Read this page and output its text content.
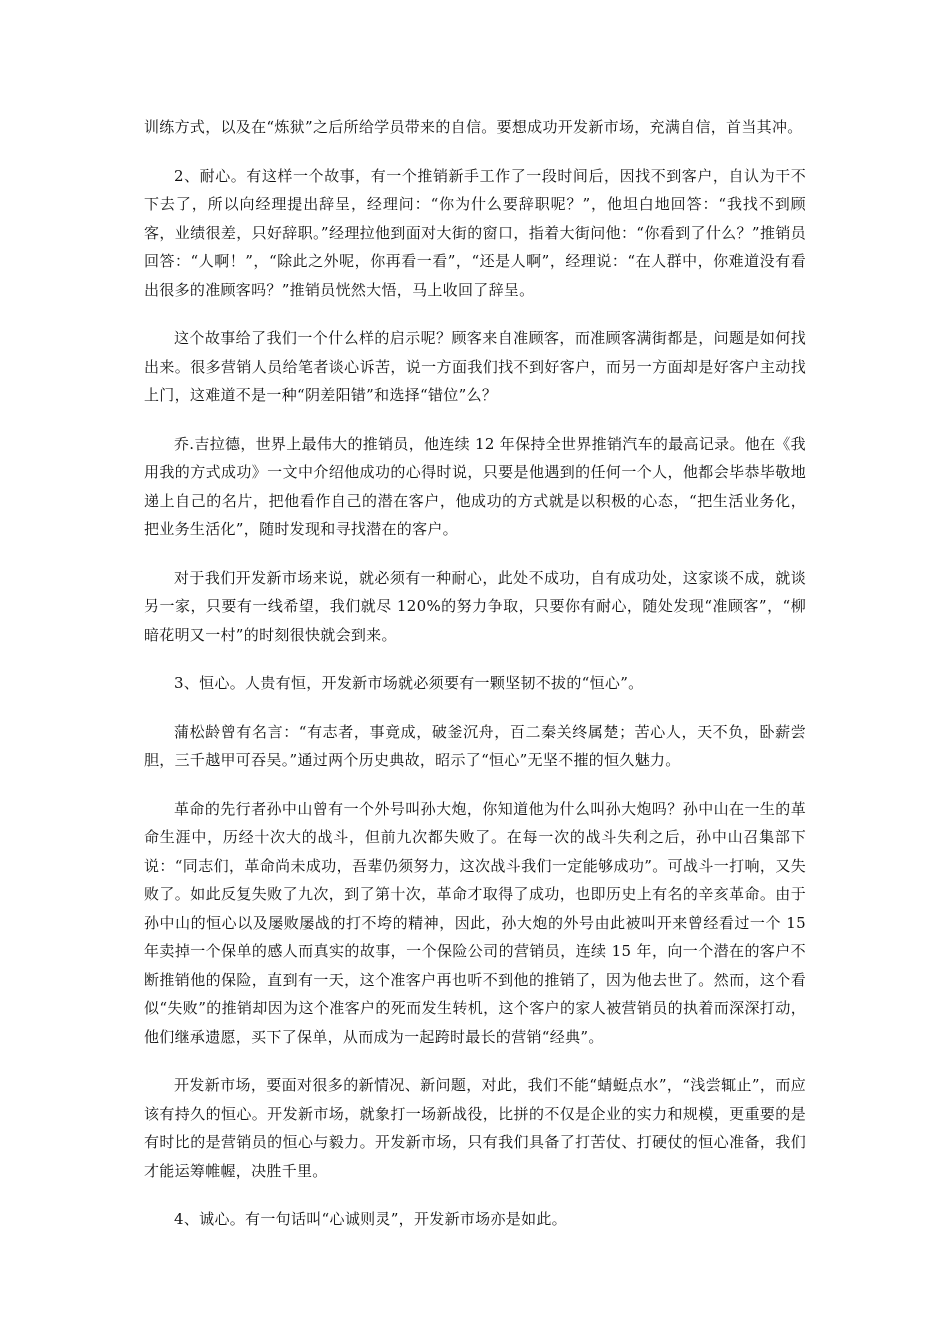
训练方式，以及在“炼狱”之后所给学员带来的自信。要想成功开发新市场，充满自信，首当其冲。

2、耐心。有这样一个故事，有一个推销新手工作了一段时间后，因找不到客户，自认为干不下去了，所以向经理提出辞呈，经理问：“你为什么要辞职呢？”，他坦白地回答：“我找不到顾客，业绩很差，只好辞职。”经理拉他到面对大街的窗口，指着大街问他：“你看到了什么？”推销员回答：“人啊！”，“除此之外呢，你再看一看”，“还是人啊”，经理说：“在人群中，你难道没有看出很多的准顾客吗？”推销员恍然大悟，马上收回了辞呈。

这个故事给了我们一个什么样的启示呢？顾客来自准顾客，而准顾客满街都是，问题是如何找出来。很多营销人员给笔者谈心诉苦，说一方面我们找不到好客户，而另一方面却是好客户主动找上门，这难道不是一种“阴差阳错”和选择“错位”么？

乔.吉拉德，世界上最伟大的推销员，他连续 12 年保持全世界推销汽车的最高记录。他在《我用我的方式成功》一文中介绍他成功的心得时说，只要是他遇到的任何一个人，他都会毕恭毕敬地递上自己的名片，把他看作自己的潜在客户，他成功的方式就是以积极的心态，“把生活业务化，把业务生活化”，随时发现和寻找潜在的客户。

对于我们开发新市场来说，就必须有一种耐心，此处不成功，自有成功处，这家谈不成，就谈另一家，只要有一线希望，我们就尽 120%的努力争取，只要你有耐心，随处发现“准顾客”，“柳暗花明又一村”的时刻很快就会到来。

3、恒心。人贵有恒，开发新市场就必须要有一颗坚韧不拔的“恒心”。

蒲松龄曾有名言：“有志者，事竟成，破釜沉舟，百二秦关终属楚；苦心人，天不负，卧薪尝胆，三千越甲可吞吴。”通过两个历史典故，昭示了“恒心”无坚不摧的恒久魅力。

革命的先行者孙中山曾有一个外号叫孙大炮，你知道他为什么叫孙大炮吗？孙中山在一生的革命生涯中，历经十次大的战斗，但前九次都失败了。在每一次的战斗失利之后，孙中山召集部下说：“同志们，革命尚未成功，吾辈仍须努力，这次战斗我们一定能够成功”。可战斗一打响，又失败了。如此反复失败了九次，到了第十次，革命才取得了成功，也即历史上有名的辛亥革命。由于孙中山的恒心以及屡败屡战的打不垮的精神，因此，孙大炮的外号由此被叫开来曾经看过一个 15 年卖掉一个保单的感人而真实的故事，一个保险公司的营销员，连续 15 年，向一个潜在的客户不断推销他的保险，直到有一天，这个准客户再也听不到他的推销了，因为他去世了。然而，这个看似“失败”的推销却因为这个准客户的死而发生转机，这个客户的家人被营销员的执着而深深打动，他们继承遗愿，买下了保单，从而成为一起跨时最长的营销“经典”。

开发新市场，要面对很多的新情况、新问题，对此，我们不能“蜻蜓点水”，“浅尝辄止”，而应该有持久的恒心。开发新市场，就象打一场新战役，比拼的不仅是企业的实力和规模，更重要的是有时比的是营销员的恒心与毅力。开发新市场，只有我们具备了打苦仗、打硬仗的恒心准备，我们才能运筹帷幄，决胜千里。

4、诚心。有一句话叫“心诚则灵”，开发新市场亦是如此。
